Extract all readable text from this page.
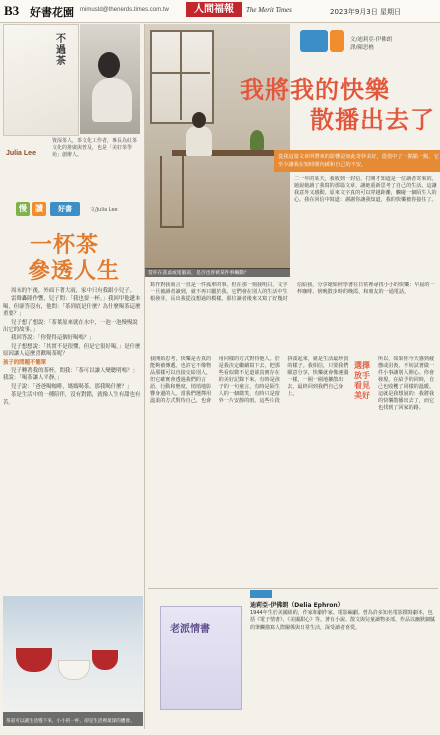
B3 好書花園 mimustd@thenerds.times.com.tw	人間福報	The Merit Times	2023年9月3日 星期日
不過茶
Julia Lee
資深茶人，茶文化工作者，專長為紅茶文化的推廣與普及，也是「美好茶學苑」創辦人。
慢	讀	好書	文/Julia Lee
一杯茶
參透人生

周末的午後，外面下著大雨，家中只有我跟小兒子。

雷聲轟隆作響，兒子問：「我也要一杯。」我回甲他遞本喝，但卻答沒有，他問：「茶到底是什麼？為什麼喝茶這麼重要？」

兒子想了想說：「茶葉原來就在水中，一泡一泡慢慢說出它的故事。」

我回答說：「你覺得這個好喝嗎？」

兒子想想說：「其實不是很懂，但是它很好喝。」是什麼原因讓人這麼喜歡喝茶呢？

孩子的問題不簡單

兒子轉著我的茶杯，問我：「茶可以讓人變聰明嗎？」我說：「喝茶讓人平靜。」

兒子說：「爸爸喝咖啡，媽媽喝茶，那我喝什麼？」

茶是生活中的一種陪伴，沒有對錯，就像人生有甜也有苦。

茶道可以讓生活慢下來，小小的一杯，卻是生活裡最深的體會。
當你在書桌或電腦前，是否也曾被某件事觸動？
文/迪莉亞·伊佛朗
譯/陳思樵
我將我的快樂
散播出去了
從我這篇文章所帶來的影響是如此奇妙美好，從借中了一點點一點，它至少讓我在短時間內緩和自己的不安。
二一年的某天，我收到一封信，打開才知道是一位讀者寄來的。她說她讀了我寫的那篇文章，讓她重新思考了自己的生活。這讓我意外又感動，原來文字真的可以穿越距離，觸碰一個陌生人的心。我在回信中寫道：謝謝你讓我知道，我的快樂被你接住了。
寫作對我而言一直是一件孤單的事，但在那一刻我明白，文字一旦被讀者讀到，就不再只屬於我。它們會在別人的生活中生根發芽，長出我從沒想過的模樣。那位讀者後來又寫了好幾封信給我，分享她如何學著在日常裡尋找小小的快樂：早晨的一杯咖啡、傍晚散步時的晚霞、和朋友的一通電話。
我開始思考，快樂是否真的能夠被傳遞。也許它不像物品那樣可以直接交給別人，但它確實會透過我們的言語、行動和態度，悄悄地影響身邊的人。當我們選擇用溫柔的方式對待自己，也會用同樣的方式對待他人。於是我決定繼續寫下去，把那些看似微不足道卻真實存在的美好記錄下來。有時是孩子的一句童言，有時是陌生人的一個微笑，有時只是窗外一片安靜的雨。這些片段拼湊起來，就是生活最珍貴的樣子。我相信，只要我們願意分享，快樂就會像漣漪一樣，一圈一圈地擴散出去，最終回到我們自己身上。
選擇放手看見美好
所以，如果你今天感到疲憊或沮喪，不妨試著做一件小事讓別人開心。你會發現，在給予的同時，自己也收穫了同樣的溫暖。這就是我想說的：我將我的快樂散播出去了，而它也找到了回家的路。
老派情書
迪莉亞·伊佛朗（Delia Ephron）
1944年生於美國紐約，作家和劇作家、電影編劇。曾為許多知名電影撰寫劇本，包括《電子情書》、《美國甜心》等。著有小說、散文與兒童讀物多部，作品以幽默細膩的筆觸描寫人際關係與日常生活，深受讀者喜愛。
